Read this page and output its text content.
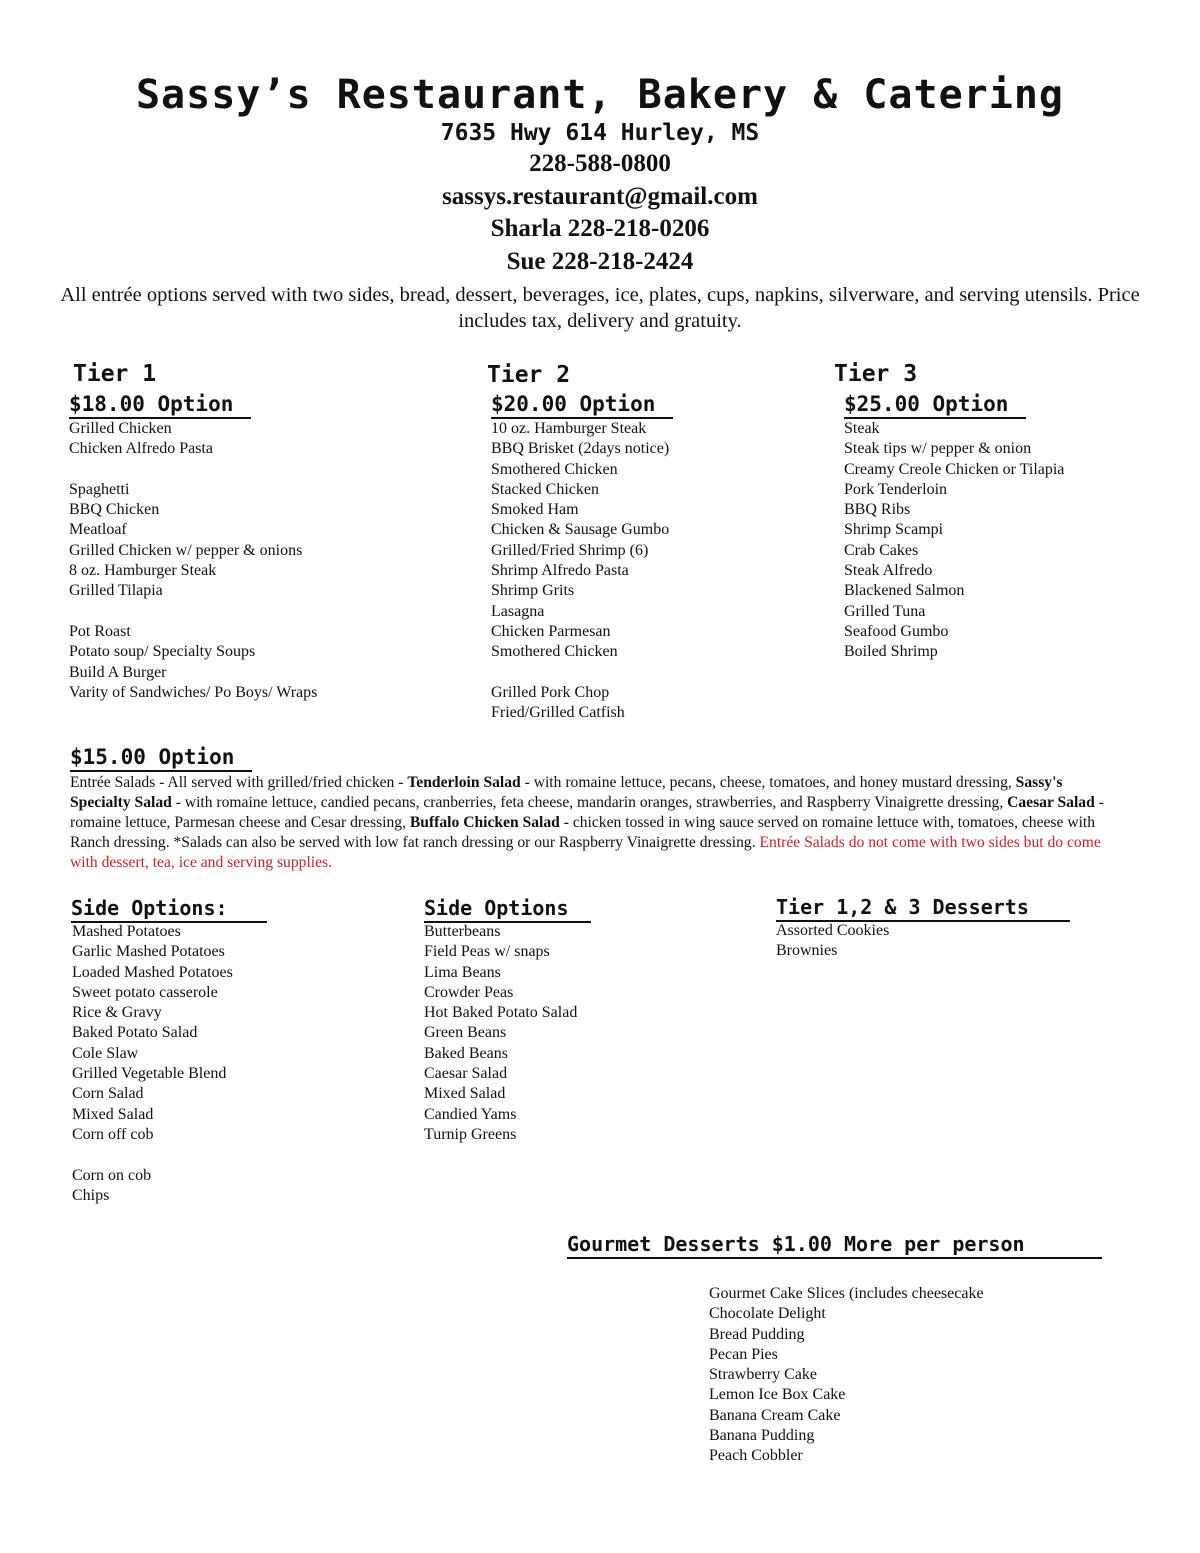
Sassy’s Restaurant, Bakery & Catering
7635 Hwy 614 Hurley, MS
228-588-0800
sassys.restaurant@gmail.com
Sharla 228-218-0206
Sue 228-218-2424
All entrée options served with two sides, bread, dessert, beverages, ice, plates, cups, napkins, silverware, and serving utensils. Price includes tax, delivery and gratuity.
Tier 1
$18.00 Option
Grilled Chicken
Chicken Alfredo Pasta
Spaghetti
BBQ Chicken
Meatloaf
Grilled Chicken w/ pepper & onions
8 oz. Hamburger Steak
Grilled Tilapia
Pot Roast
Potato soup/ Specialty Soups
Build A Burger
Varity of Sandwiches/ Po Boys/ Wraps
Tier 2
$20.00 Option
10 oz. Hamburger Steak
BBQ Brisket (2days notice)
Smothered Chicken
Stacked Chicken
Smoked Ham
Chicken & Sausage Gumbo
Grilled/Fried Shrimp (6)
Shrimp Alfredo Pasta
Shrimp Grits
Lasagna
Chicken Parmesan
Smothered Chicken
Grilled Pork Chop
Fried/Grilled Catfish
Tier 3
$25.00 Option
Steak
Steak tips w/ pepper & onion
Creamy Creole Chicken or Tilapia
Pork Tenderloin
BBQ Ribs
Shrimp Scampi
Crab Cakes
Steak Alfredo
Blackened Salmon
Grilled Tuna
Seafood Gumbo
Boiled Shrimp
$15.00 Option
Entrée Salads - All served with grilled/fried chicken - Tenderloin Salad - with romaine lettuce, pecans, cheese, tomatoes, and honey mustard dressing, Sassy's Specialty Salad - with romaine lettuce, candied pecans, cranberries, feta cheese, mandarin oranges, strawberries, and Raspberry Vinaigrette dressing, Caesar Salad - romaine lettuce, Parmesan cheese and Cesar dressing, Buffalo Chicken Salad - chicken tossed in wing sauce served on romaine lettuce with, tomatoes, cheese with Ranch dressing. *Salads can also be served with low fat ranch dressing or our Raspberry Vinaigrette dressing. Entrée Salads do not come with two sides but do come with dessert, tea, ice and serving supplies.
Side Options:
Mashed Potatoes
Garlic Mashed Potatoes
Loaded Mashed Potatoes
Sweet potato casserole
Rice & Gravy
Baked Potato Salad
Cole Slaw
Grilled Vegetable Blend
Corn Salad
Mixed Salad
Corn off cob
Corn on cob
Chips
Side Options
Butterbeans
Field Peas w/ snaps
Lima Beans
Crowder Peas
Hot Baked Potato Salad
Green Beans
Baked Beans
Caesar Salad
Mixed Salad
Candied Yams
Turnip Greens
Tier 1,2 & 3 Desserts
Assorted Cookies
Brownies
Gourmet Desserts $1.00 More per person
Gourmet Cake Slices (includes cheesecake
Chocolate Delight
Bread Pudding
Pecan Pies
Strawberry Cake
Lemon Ice Box Cake
Banana Cream Cake
Banana Pudding
Peach Cobbler
